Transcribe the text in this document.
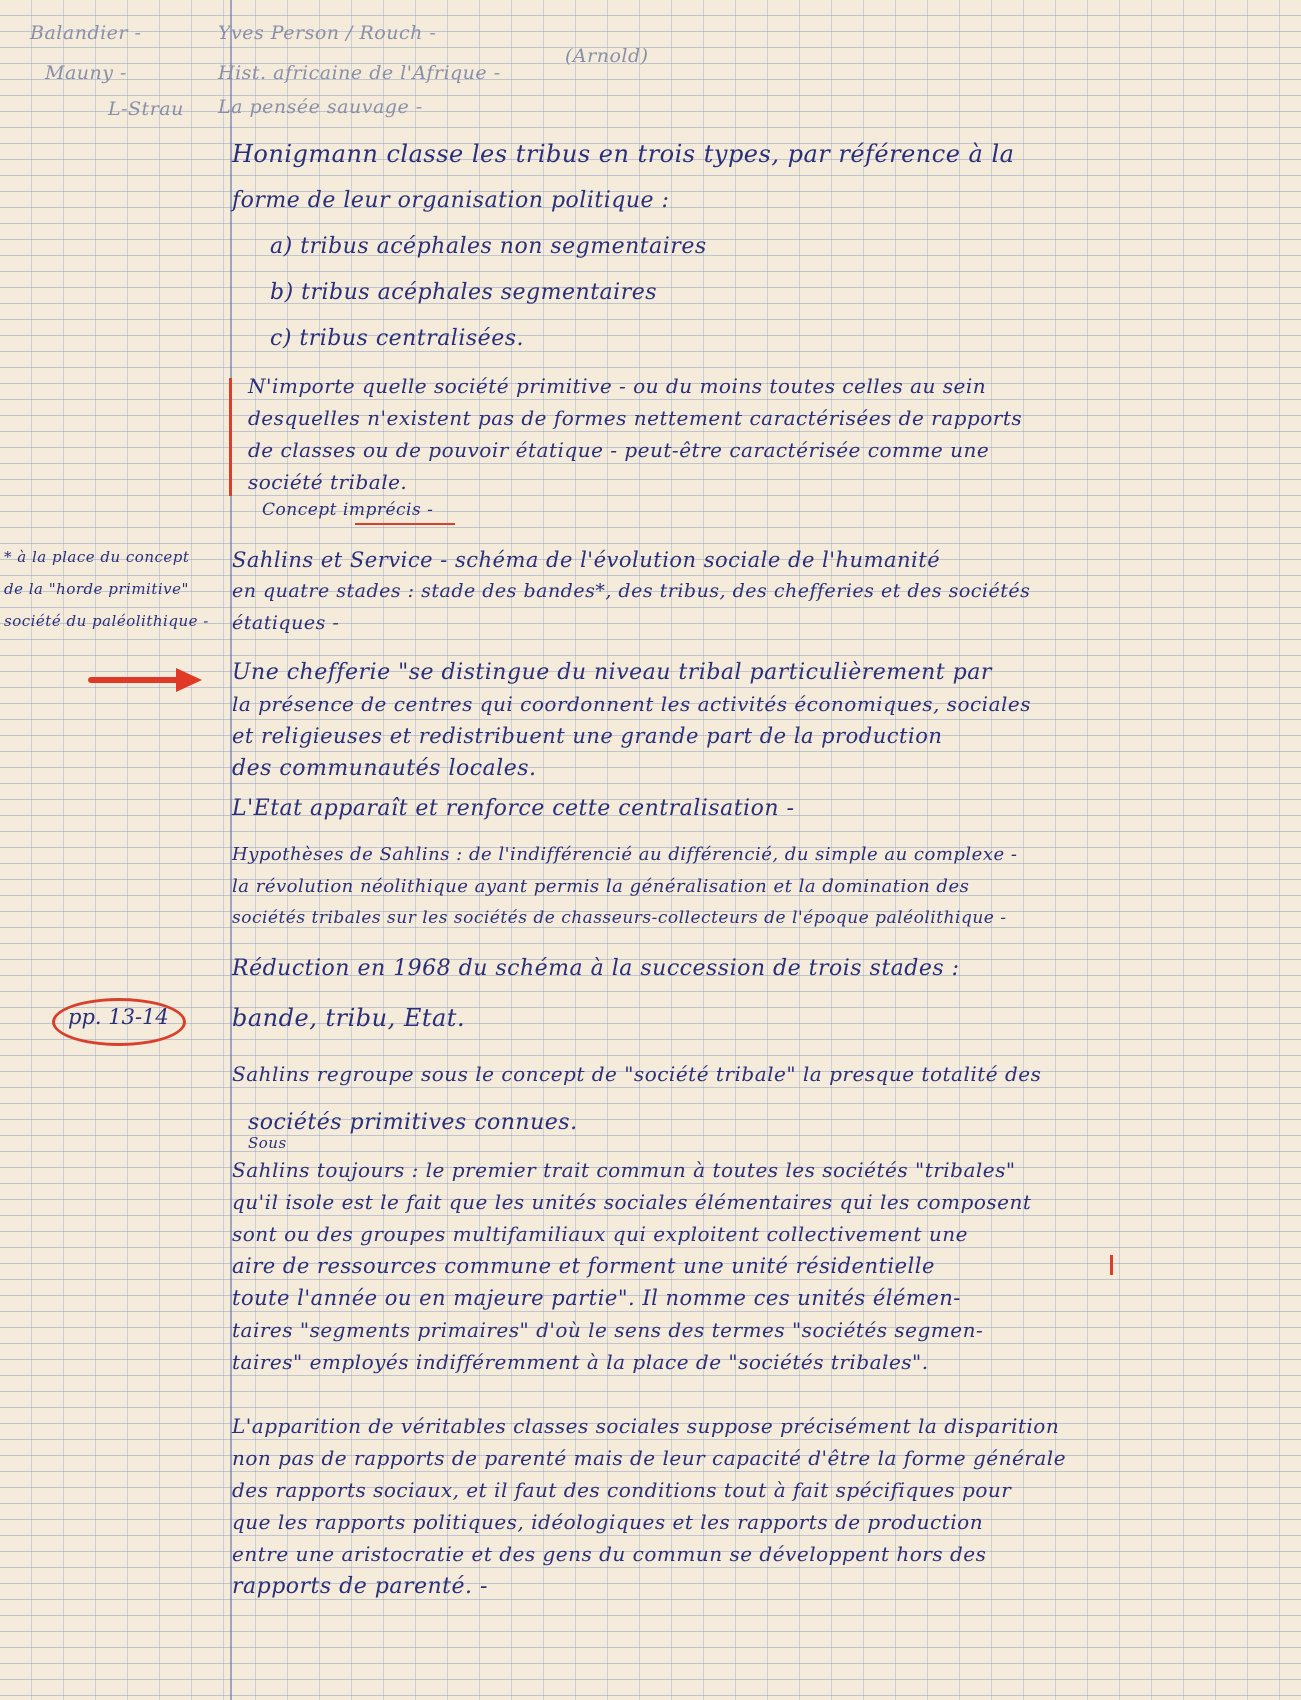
Balandier -
Mauny -
L-Strau
Yves Person / Rouch -
Hist. africaine de l'Afrique -
La pensée sauvage -
(Arnold)
Honigmann classe les tribus en trois types, par référence à la
forme de leur organisation politique :
a) tribus acéphales non segmentaires
b) tribus acéphales segmentaires
c) tribus centralisées.
N'importe quelle société primitive - ou du moins toutes celles au sein
desquelles n'existent pas de formes nettement caractérisées de rapports
de classes ou de pouvoir étatique - peut-être caractérisée comme une
société tribale.
Concept imprécis -
* à la place du concept
de la "horde primitive"
société du paléolithique -
Sahlins et Service - schéma de l'évolution sociale de l'humanité
en quatre stades : stade des bandes*, des tribus, des chefferies et des sociétés
étatiques -
Une chefferie "se distingue du niveau tribal particulièrement par
la présence de centres qui coordonnent les activités économiques, sociales
et religieuses et redistribuent une grande part de la production
des communautés locales.
L'Etat apparaît et renforce cette centralisation -
Hypothèses de Sahlins : de l'indifférencié au différencié, du simple au complexe -
la révolution néolithique ayant permis la généralisation et la domination des
sociétés tribales sur les sociétés de chasseurs-collecteurs de l'époque paléolithique -
Réduction en 1968 du schéma à la succession de trois stades :
bande, tribu, Etat.
pp. 13-14
Sahlins regroupe sous le concept de "société tribale" la presque totalité des
sociétés primitives connues.
Sous
Sahlins toujours : le premier trait commun à toutes les sociétés "tribales"
qu'il isole est le fait que les unités sociales élémentaires qui les composent
sont ou des groupes multifamiliaux qui exploitent collectivement une
aire de ressources commune et forment une unité résidentielle
toute l'année ou en majeure partie". Il nomme ces unités élémen-
taires "segments primaires" d'où le sens des termes "sociétés segmen-
taires" employés indifféremment à la place de "sociétés tribales".
L'apparition de véritables classes sociales suppose précisément la disparition
non pas de rapports de parenté mais de leur capacité d'être la forme générale
des rapports sociaux, et il faut des conditions tout à fait spécifiques pour
que les rapports politiques, idéologiques et les rapports de production
entre une aristocratie et des gens du commun se développent hors des
rapports de parenté. -
